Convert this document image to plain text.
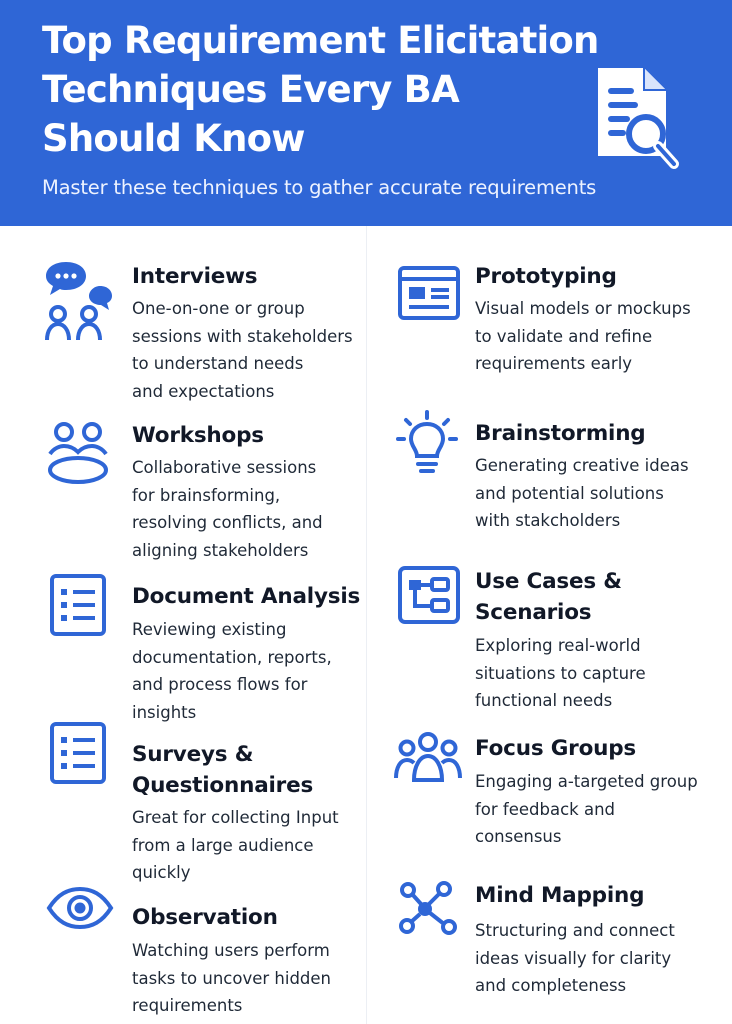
Top Requirement Elicitation
Techniques Every BA
Should Know
Master these techniques to gather accurate requirements
Interviews
One-on-one or group
sessions with stakeholders
to understand needs
and expectations
Workshops
Collaborative sessions
for brainsforming,
resolving conflicts, and
aligning stakeholders
Document Analysis
Reviewing existing
documentation, reports,
and process flows for
insights
Surveys &
Questionnaires
Great for collecting Input
from a large audience
quickly
Observation
Watching users perform
tasks to uncover hidden
requirements
Prototyping
Visual models or mockups
to validate and refine
requirements early
Brainstorming
Generating creative ideas
and potential solutions
with stakcholders
Use Cases &
Scenarios
Exploring real-world
situations to capture
functional needs
Focus Groups
Engaging a-targeted group
for feedback and
consensus
Mind Mapping
Structuring and connect
ideas visually for clarity
and completeness
